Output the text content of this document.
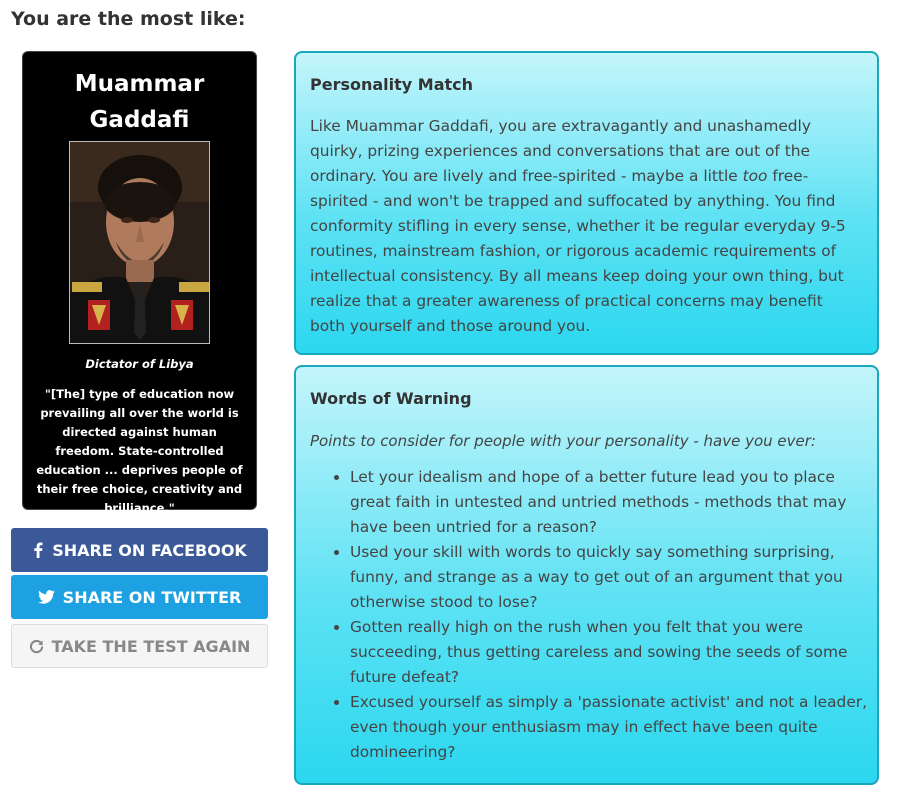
You are the most like:
Muammar Gaddafi
Dictator of Libya
"[The] type of education now prevailing all over the world is directed against human freedom. State-controlled education ... deprives people of their free choice, creativity and brilliance."
SHARE ON FACEBOOK
SHARE ON TWITTER
TAKE THE TEST AGAIN
Personality Match

Like Muammar Gaddafi, you are extravagantly and unashamedly quirky, prizing experiences and conversations that are out of the ordinary. You are lively and free-spirited - maybe a little too free-spirited - and won't be trapped and suffocated by anything. You find conformity stifling in every sense, whether it be regular everyday 9-5 routines, mainstream fashion, or rigorous academic requirements of intellectual consistency. By all means keep doing your own thing, but realize that a greater awareness of practical concerns may benefit both yourself and those around you.

Words of Warning

Points to consider for people with your personality - have you ever:

• Let your idealism and hope of a better future lead you to place great faith in untested and untried methods - methods that may have been untried for a reason?
• Used your skill with words to quickly say something surprising, funny, and strange as a way to get out of an argument that you otherwise stood to lose?
• Gotten really high on the rush when you felt that you were succeeding, thus getting careless and sowing the seeds of some future defeat?
• Excused yourself as simply a 'passionate activist' and not a leader, even though your enthusiasm may in effect have been quite domineering?
